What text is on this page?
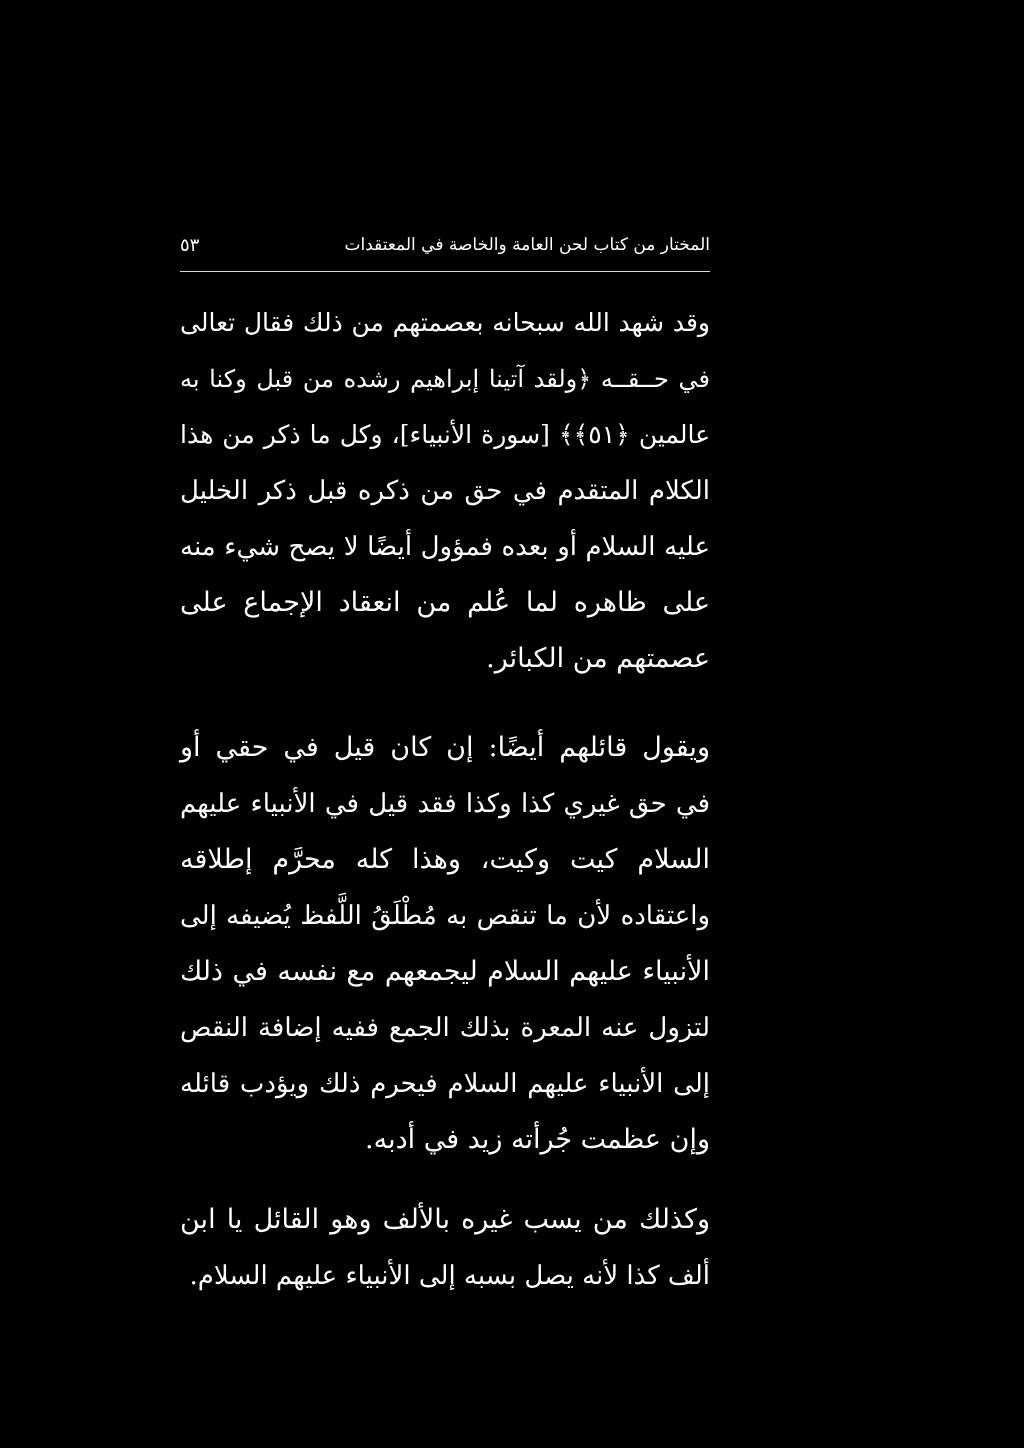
المختار من كتاب لحن العامة والخاصة في المعتقدات
٥٣
وقد شهد الله سبحانه بعصمتهم من ذلك فقال تعالى
في حــقــه ﴿ولقد آتينا إبراهيم رشده من قبل وكنا به
عالمين ﴿٥١﴾﴾ [سورة الأنبياء]، وكل ما ذكر من هذا
الكلام المتقدم في حق من ذكره قبل ذكر الخليل
عليه السلام أو بعده فمؤول أيضًا لا يصح شيء منه
على ظاهره لما عُلم من انعقاد الإجماع على
عصمتهم من الكبائر.
ويقول قائلهم أيضًا: إن كان قيل في حقي أو
في حق غيري كذا وكذا فقد قيل في الأنبياء عليهم
السلام كيت وكيت، وهذا كله محرَّم إطلاقه
واعتقاده لأن ما تنقص به مُطْلَقُ اللَّفظ يُضيفه إلى
الأنبياء عليهم السلام ليجمعهم مع نفسه في ذلك
لتزول عنه المعرة بذلك الجمع ففيه إضافة النقص
إلى الأنبياء عليهم السلام فيحرم ذلك ويؤدب قائله
وإن عظمت جُرأته زيد في أدبه.
وكذلك من يسب غيره بالألف وهو القائل يا ابن
ألف كذا لأنه يصل بسبه إلى الأنبياء عليهم السلام.
